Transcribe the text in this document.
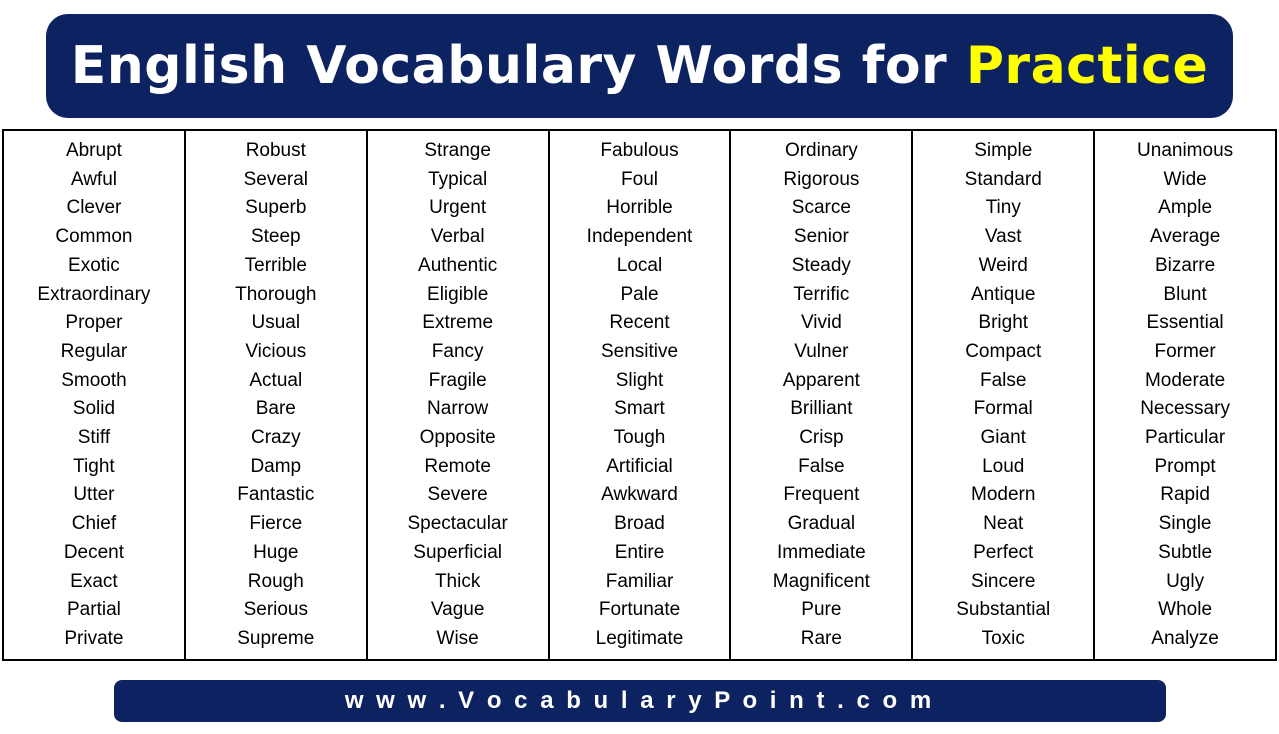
English Vocabulary Words for Practice
Abrupt
Awful
Clever
Common
Exotic
Extraordinary
Proper
Regular
Smooth
Solid
Stiff
Tight
Utter
Chief
Decent
Exact
Partial
Private
Robust
Several
Superb
Steep
Terrible
Thorough
Usual
Vicious
Actual
Bare
Crazy
Damp
Fantastic
Fierce
Huge
Rough
Serious
Supreme
Strange
Typical
Urgent
Verbal
Authentic
Eligible
Extreme
Fancy
Fragile
Narrow
Opposite
Remote
Severe
Spectacular
Superficial
Thick
Vague
Wise
Fabulous
Foul
Horrible
Independent
Local
Pale
Recent
Sensitive
Slight
Smart
Tough
Artificial
Awkward
Broad
Entire
Familiar
Fortunate
Legitimate
Ordinary
Rigorous
Scarce
Senior
Steady
Terrific
Vivid
Vulner
Apparent
Brilliant
Crisp
False
Frequent
Gradual
Immediate
Magnificent
Pure
Rare
Simple
Standard
Tiny
Vast
Weird
Antique
Bright
Compact
False
Formal
Giant
Loud
Modern
Neat
Perfect
Sincere
Substantial
Toxic
Unanimous
Wide
Ample
Average
Bizarre
Blunt
Essential
Former
Moderate
Necessary
Particular
Prompt
Rapid
Single
Subtle
Ugly
Whole
Analyze
w w w . V o c a b u l a r y P o i n t . c o m
